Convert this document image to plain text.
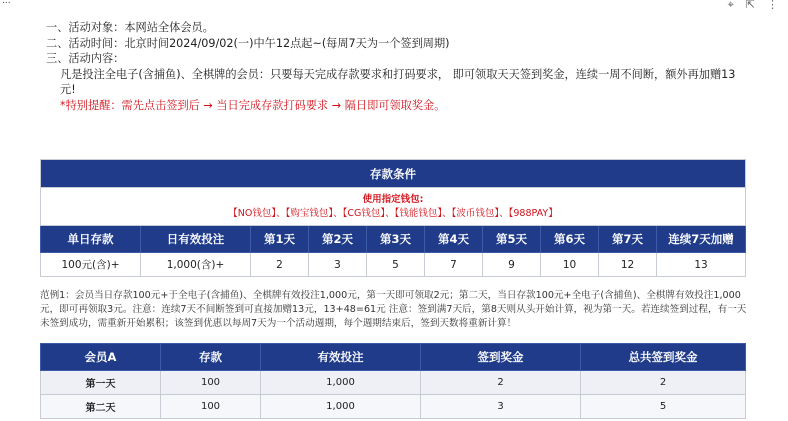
...	⌖ ⇱ ⋮
一、活动对象：本网站全体会员。
二、活动时间：北京时间2024/09/02(一)中午12点起~(每周7天为一个签到周期)
三、活动内容：
凡是投注全电子(含捕鱼)、全棋牌的会员：只要每天完成存款要求和打码要求， 即可领取天天签到奖金，连续一周不间断，额外再加赠13元!
*特别提醒：需先点击签到后 → 当日完成存款打码要求 → 隔日即可领取奖金。
存款条件									

使用指定钱包:
【NO钱包】、【购宝钱包】、【CG钱包】、【钱能钱包】、【波币钱包】、【988PAY】									

单日存款	日有效投注	第1天	第2天	第3天	第4天	第5天	第6天	第7天	连续7天加赠
100元(含)+	1,000(含)+	2	3	5	7	9	10	12	13
范例1：会员当日存款100元+于全电子(含捕鱼)、全棋牌有效投注1,000元，第一天即可领取2元；第二天，当日存款100元+全电子(含捕鱼)、全棋牌有效投注1,000元，即可再领取3元。注意：连续7天不间断签到可直接加赠13元，13+48=61元 注意：签到满7天后，第8天则从头开始计算，视为第一天。若连续签到过程，有一天未签到成功，需重新开始累积；该签到优惠以每周7天为一个活动週期，每个週期结束后，签到天数将重新计算！
会员A	存款	有效投注	签到奖金	总共签到奖金
第一天	100	1,000	2	2
第二天	100	1,000	3	5
